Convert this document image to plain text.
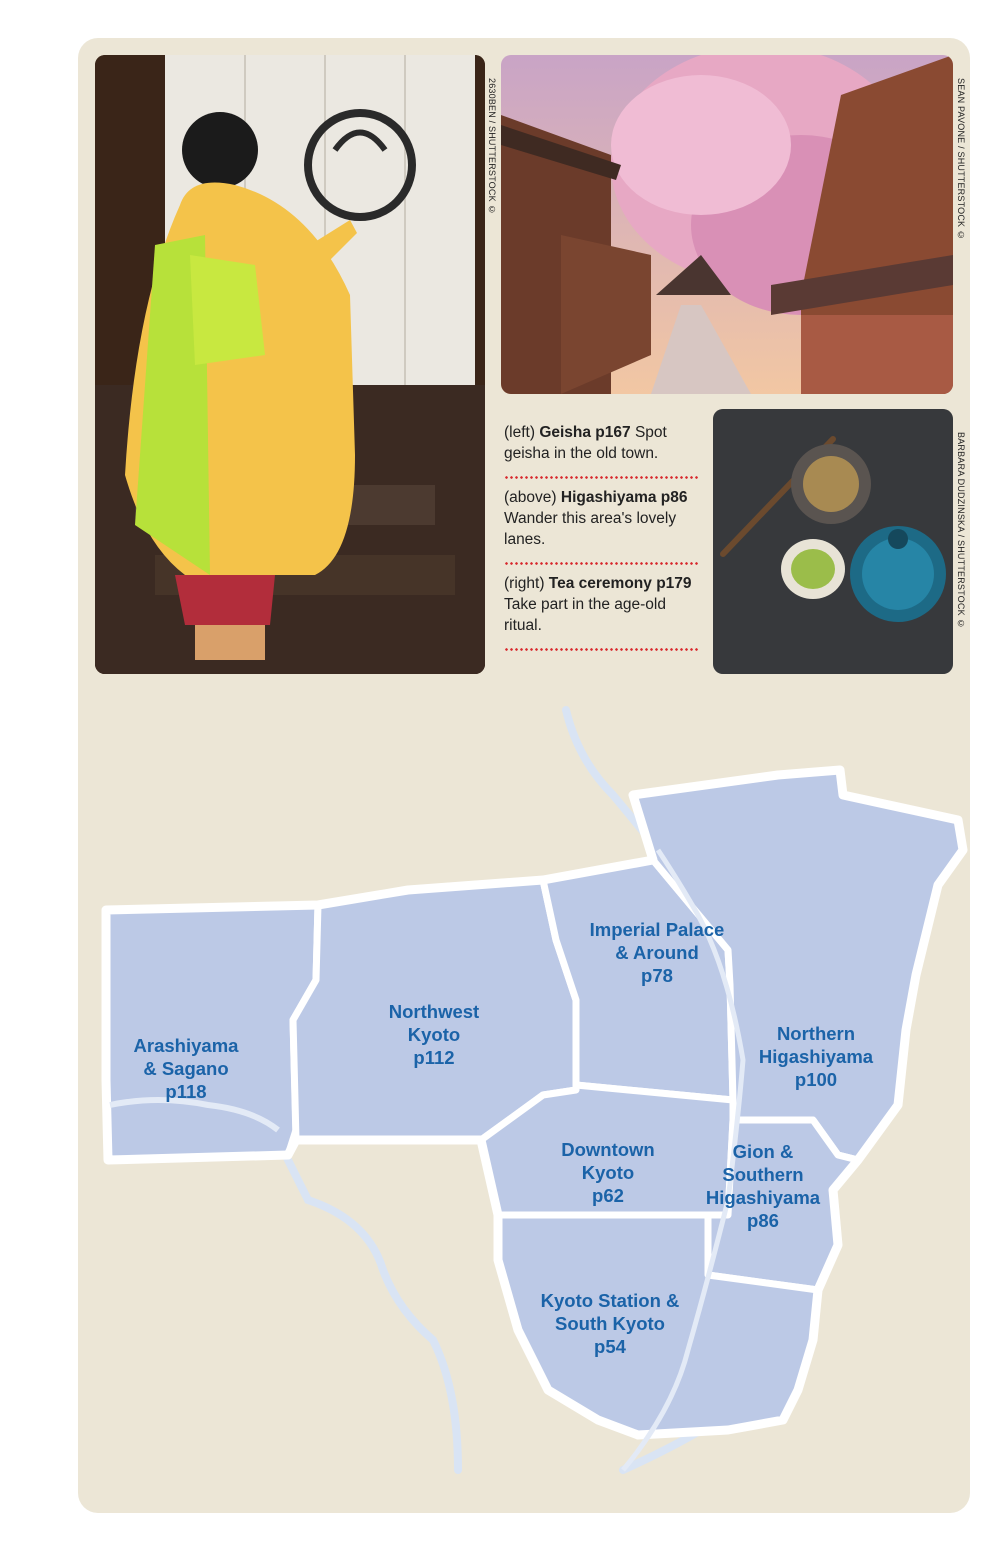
2630BEN / SHUTTERSTOCK ©	SEAN PAVONE / SHUTTERSTOCK ©
(left) Geisha p167 Spot geisha in the old town.
(above) Higashiyama p86 Wander this area's lovely lanes.
(right) Tea ceremony p179 Take part in the age-old ritual.	BARBARA DUDZINSKA / SHUTTERSTOCK ©
Arashiyama
& Sagano
p118
Northwest
Kyoto
p112
Imperial Palace
& Around
p78
Northern
Higashiyama
p100
Downtown
Kyoto
p62
Gion &
Southern
Higashiyama
p86
Kyoto Station &
South Kyoto
p54
